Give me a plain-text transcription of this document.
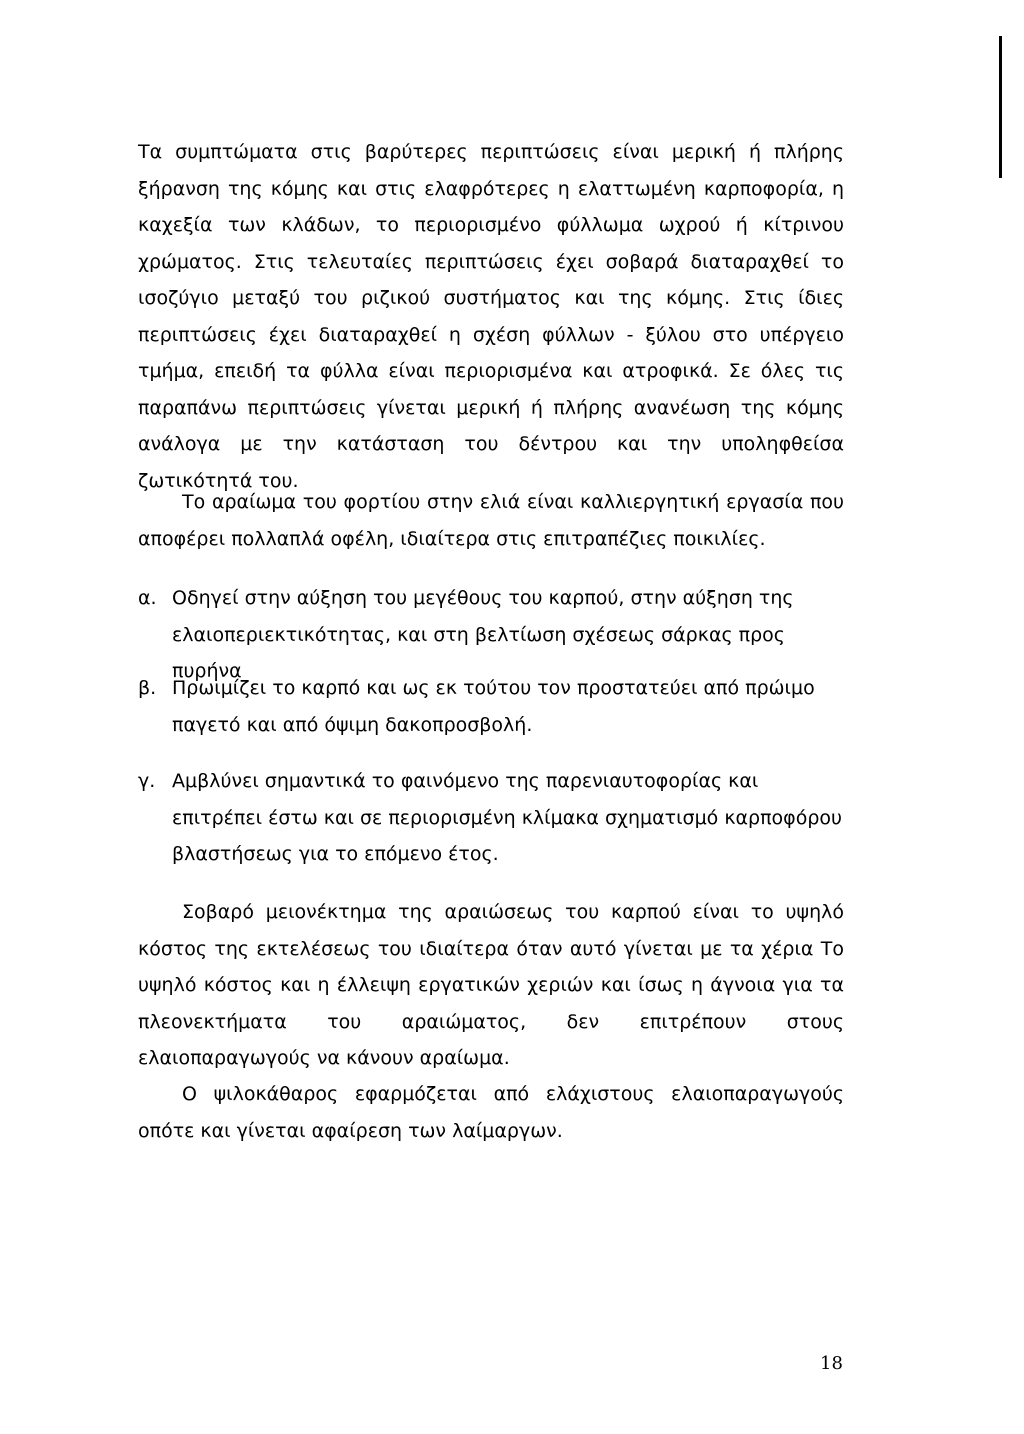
Τα συμπτώματα στις βαρύτερες περιπτώσεις είναι μερική ή πλήρης ξήρανση της κόμης και στις ελαφρότερες η ελαττωμένη καρποφορία, η καχεξία των κλάδων, το περιορισμένο φύλλωμα ωχρού ή κίτρινου χρώματος. Στις τελευταίες περιπτώσεις έχει σοβαρά διαταραχθεί το ισοζύγιο μεταξύ του ριζικού συστήματος και της κόμης. Στις ίδιες περιπτώσεις έχει διαταραχθεί η σχέση φύλλων - ξύλου στο υπέργειο τμήμα, επειδή τα φύλλα είναι περιορισμένα και ατροφικά. Σε όλες τις παραπάνω περιπτώσεις γίνεται μερική ή πλήρης ανανέωση της κόμης ανάλογα με την κατάσταση του δέντρου και την υποληφθείσα ζωτικότητά του.

Το αραίωμα του φορτίου στην ελιά είναι καλλιεργητική εργασία που αποφέρει πολλαπλά οφέλη, ιδιαίτερα στις επιτραπέζιες ποικιλίες.

α. Οδηγεί στην αύξηση του μεγέθους του καρπού, στην αύξηση της ελαιοπεριεκτικότητας, και στη βελτίωση σχέσεως σάρκας προς πυρήνα
β. Πρωιμίζει το καρπό και ως εκ τούτου τον προστατεύει από πρώιμο παγετό και από όψιμη δακοπροσβολή.
γ. Αμβλύνει σημαντικά το φαινόμενο της παρενιαυτοφορίας και επιτρέπει έστω και σε περιορισμένη κλίμακα σχηματισμό καρποφόρου βλαστήσεως για το επόμενο έτος.

Σοβαρό μειονέκτημα της αραιώσεως του καρπού είναι το υψηλό κόστος της εκτελέσεως του ιδιαίτερα όταν αυτό γίνεται με τα χέρια Το υψηλό κόστος και η έλλειψη εργατικών χεριών και ίσως η άγνοια για τα πλεονεκτήματα του αραιώματος, δεν επιτρέπουν στους ελαιοπαραγωγούς να κάνουν αραίωμα.

Ο ψιλοκάθαρος εφαρμόζεται από ελάχιστους ελαιοπαραγωγούς οπότε και γίνεται αφαίρεση των λαίμαργων.

18
